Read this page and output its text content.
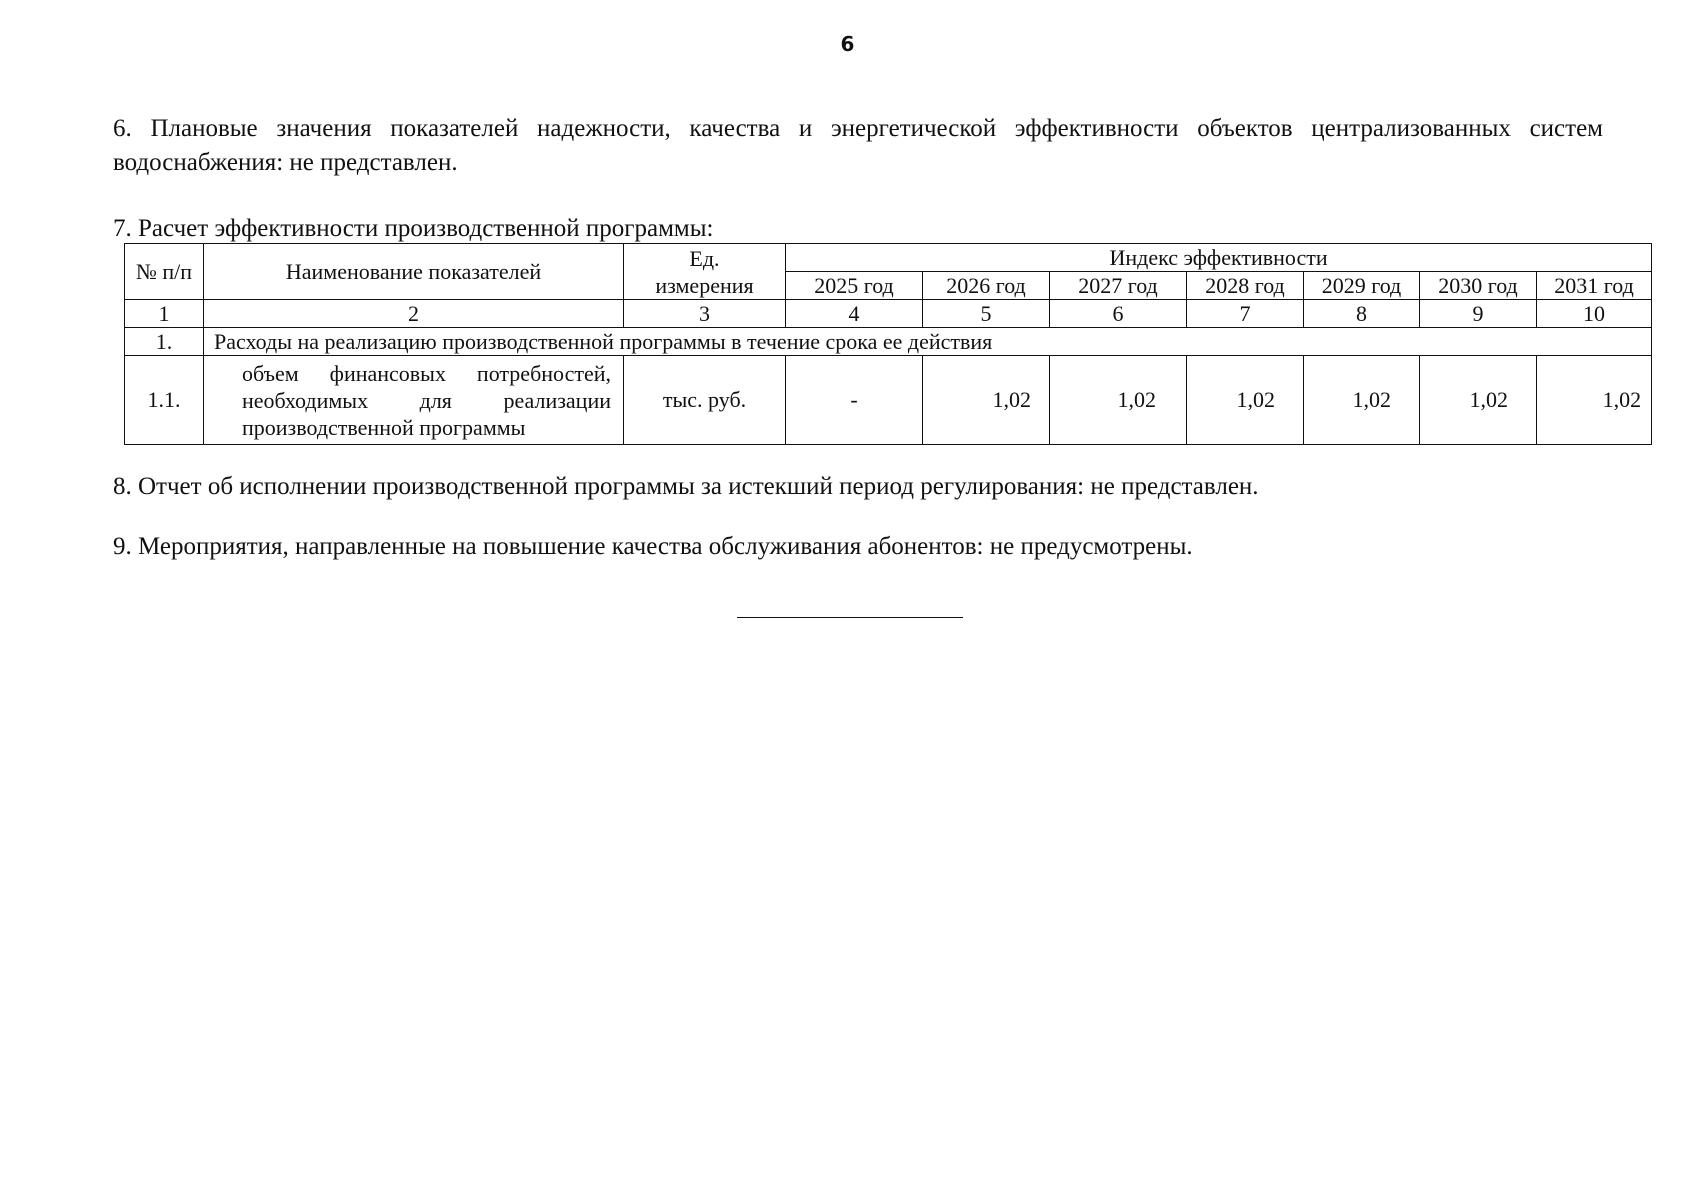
6
6. Плановые значения показателей надежности, качества и энергетической эффективности объектов централизованных систем водоснабжения: не представлен.
7. Расчет эффективности производственной программы:
№ п/п	Наименование показателей	Ед. измерения	Индекс эффективности						
			2025 год	2026 год	2027 год	2028 год	2029 год	2030 год	2031 год
1	2	3	4	5	6	7	8	9	10
1.	Расходы на реализацию производственной программы в течение срока ее действия								
1.1.	объем финансовых потребностей, необходимых для реализации производственной программы	тыс. руб.	-	1,02	1,02	1,02	1,02	1,02	1,02
8. Отчет об исполнении производственной программы за истекший период регулирования: не представлен.
9. Мероприятия, направленные на повышение качества обслуживания абонентов: не предусмотрены.
